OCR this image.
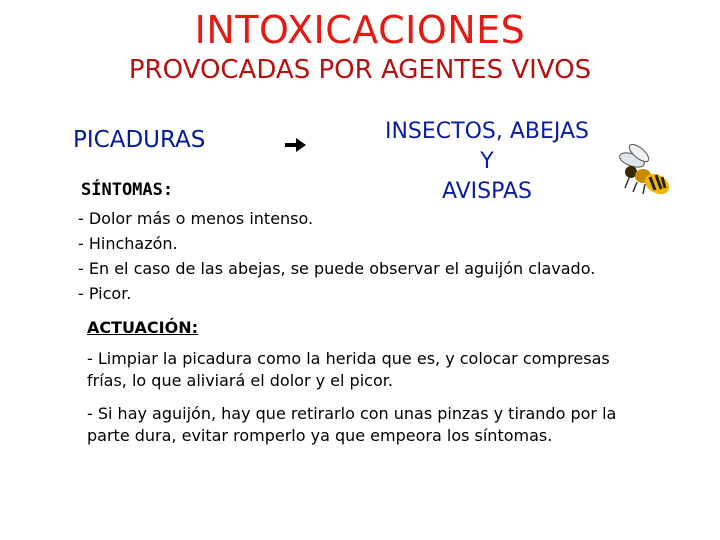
INTOXICACIONES
PROVOCADAS POR AGENTES VIVOS
PICADURAS	INSECTOS, ABEJAS
Y
AVISPAS
SÍNTOMAS:
- Dolor más o menos intenso.
- Hinchazón.
- En el caso de las abejas, se puede observar el aguijón clavado.
- Picor.
ACTUACIÓN:
- Limpiar la picadura como la herida que es, y colocar compresas frías, lo que aliviará el dolor y el picor.
- Si hay aguijón, hay que retirarlo con unas pinzas y tirando por la parte dura, evitar romperlo ya que empeora los síntomas.
